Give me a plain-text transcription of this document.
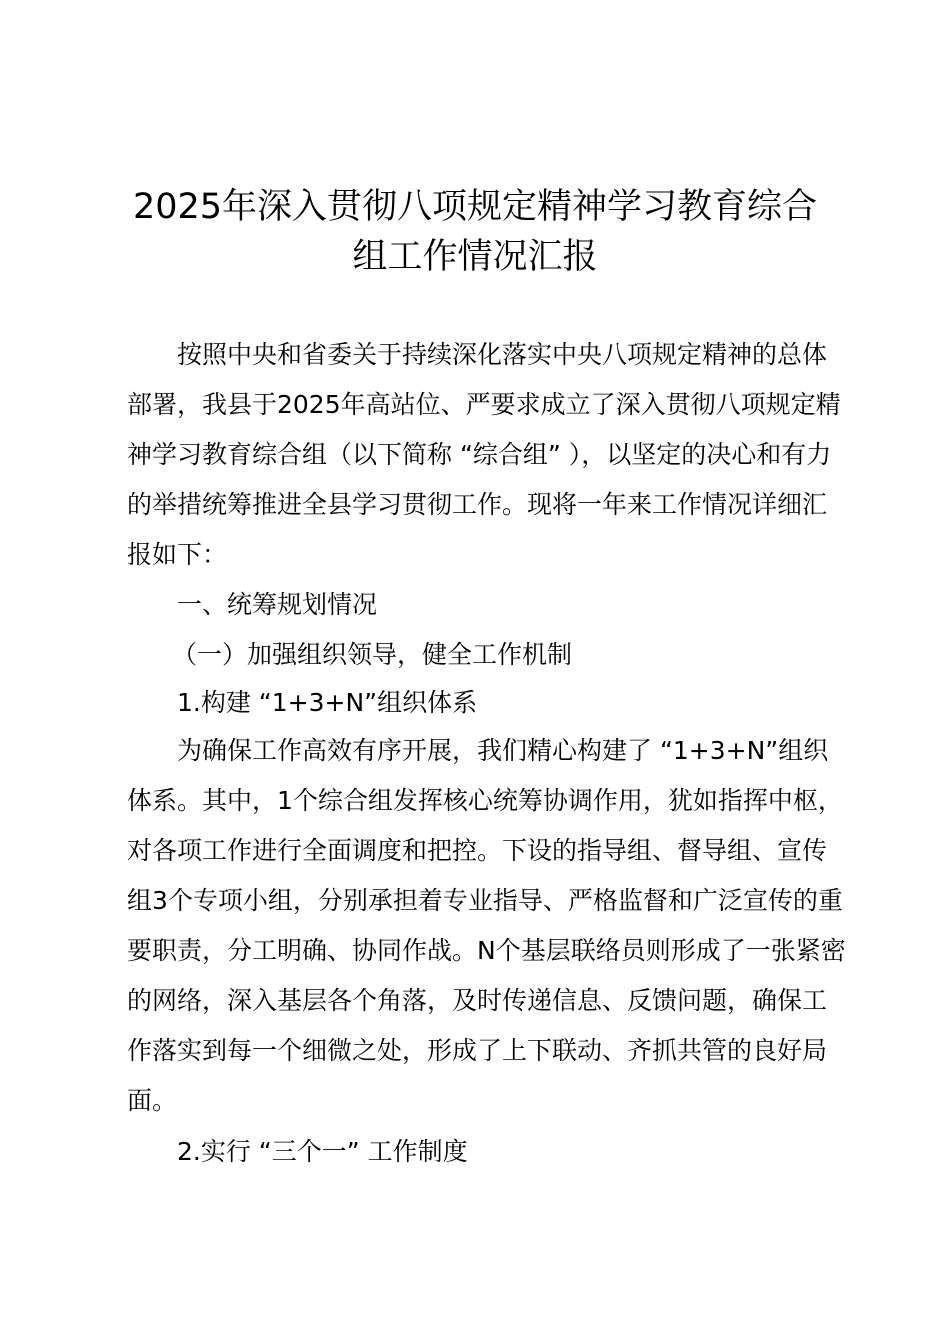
2025年深入贯彻八项规定精神学习教育综合
组工作情况汇报

按照中央和省委关于持续深化落实中央八项规定精神的总体部署，我县于2025年高站位、严要求成立了深入贯彻八项规定精神学习教育综合组（以下简称 “综合组” ），以坚定的决心和有力的举措统筹推进全县学习贯彻工作。现将一年来工作情况详细汇报如下：

一、统筹规划情况

（一）加强组织领导，健全工作机制

1.构建 “1+3+N”组织体系

为确保工作高效有序开展，我们精心构建了 “1+3+N”组织体系。其中，1个综合组发挥核心统筹协调作用，犹如指挥中枢，对各项工作进行全面调度和把控。下设的指导组、督导组、宣传组3个专项小组，分别承担着专业指导、严格监督和广泛宣传的重要职责，分工明确、协同作战。N个基层联络员则形成了一张紧密的网络，深入基层各个角落，及时传递信息、反馈问题，确保工作落实到每一个细微之处，形成了上下联动、齐抓共管的良好局面。

2.实行 “三个一” 工作制度
